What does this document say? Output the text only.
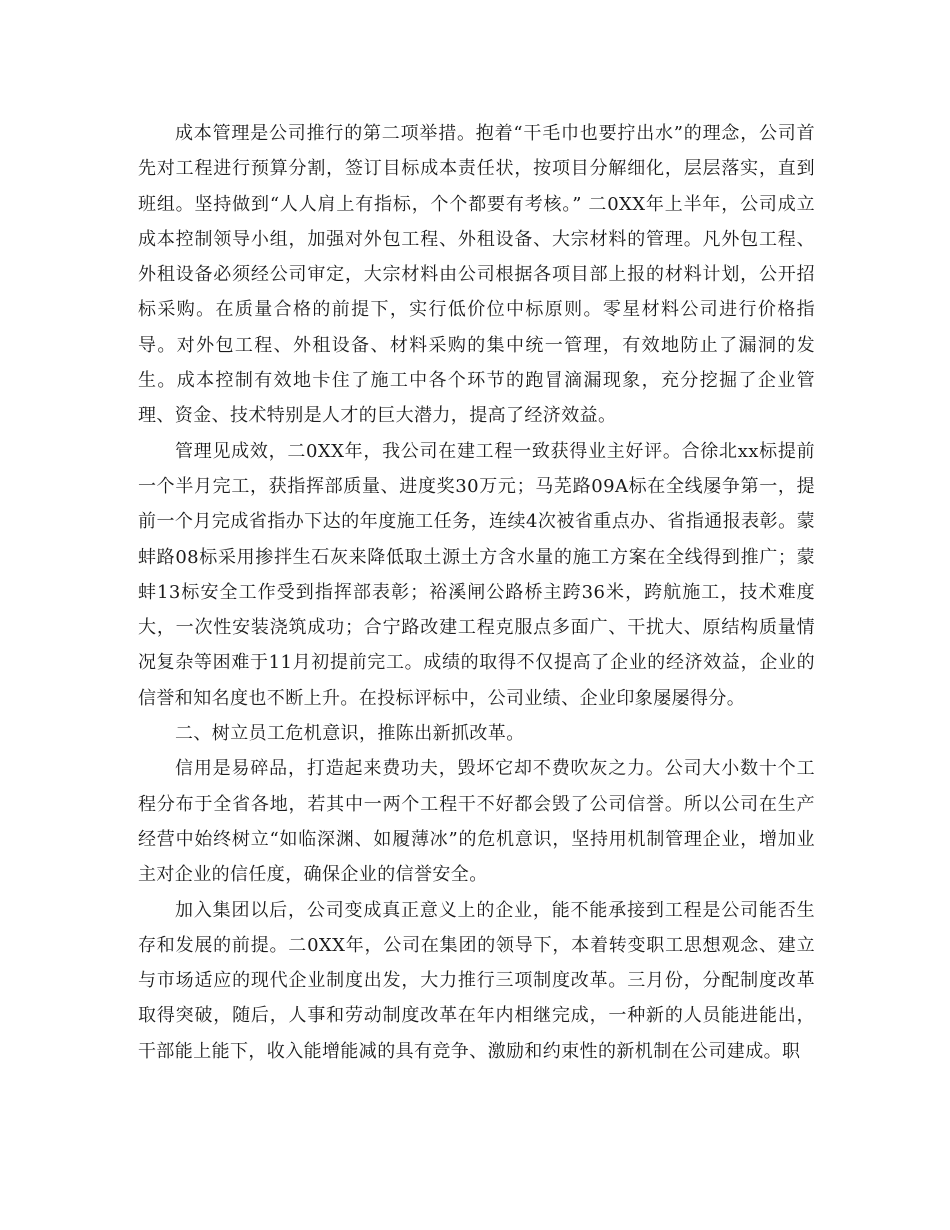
成本管理是公司推行的第二项举措。抱着“干毛巾也要拧出水”的理念，公司首先对工程进行预算分割，签订目标成本责任状，按项目分解细化，层层落实，直到班组。坚持做到“人人肩上有指标，个个都要有考核。” 二0XX年上半年，公司成立成本控制领导小组，加强对外包工程、外租设备、大宗材料的管理。凡外包工程、外租设备必须经公司审定，大宗材料由公司根据各项目部上报的材料计划，公开招标采购。在质量合格的前提下，实行低价位中标原则。零星材料公司进行价格指导。对外包工程、外租设备、材料采购的集中统一管理，有效地防止了漏洞的发生。成本控制有效地卡住了施工中各个环节的跑冒滴漏现象，充分挖掘了企业管理、资金、技术特别是人才的巨大潜力，提高了经济效益。

管理见成效，二0XX年，我公司在建工程一致获得业主好评。合徐北xx标提前一个半月完工，获指挥部质量、进度奖30万元；马芜路09A标在全线屡争第一，提前一个月完成省指办下达的年度施工任务，连续4次被省重点办、省指通报表彰。蒙蚌路08标采用掺拌生石灰来降低取土源土方含水量的施工方案在全线得到推广；蒙蚌13标安全工作受到指挥部表彰；裕溪闸公路桥主跨36米，跨航施工，技术难度大，一次性安装浇筑成功；合宁路改建工程克服点多面广、干扰大、原结构质量情况复杂等困难于11月初提前完工。成绩的取得不仅提高了企业的经济效益，企业的信誉和知名度也不断上升。在投标评标中，公司业绩、企业印象屡屡得分。

二、树立员工危机意识，推陈出新抓改革。

信用是易碎品，打造起来费功夫，毁坏它却不费吹灰之力。公司大小数十个工程分布于全省各地，若其中一两个工程干不好都会毁了公司信誉。所以公司在生产经营中始终树立“如临深渊、如履薄冰”的危机意识，坚持用机制管理企业，增加业主对企业的信任度，确保企业的信誉安全。

加入集团以后，公司变成真正意义上的企业，能不能承接到工程是公司能否生存和发展的前提。二0XX年，公司在集团的领导下，本着转变职工思想观念、建立与市场适应的现代企业制度出发，大力推行三项制度改革。三月份，分配制度改革取得突破，随后，人事和劳动制度改革在年内相继完成，一种新的人员能进能出，干部能上能下，收入能增能减的具有竞争、激励和约束性的新机制在公司建成。职
